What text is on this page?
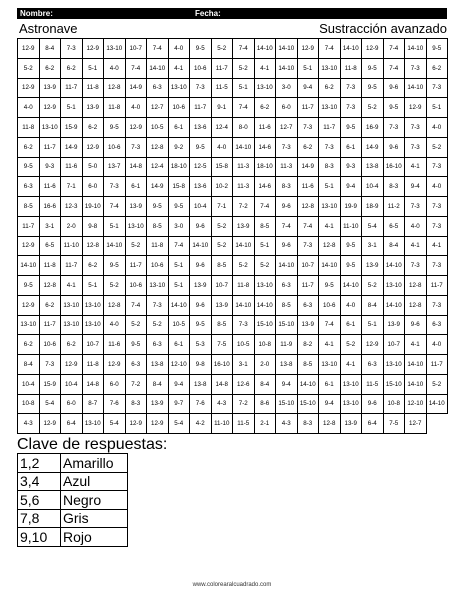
Nombre:	Fecha:
Astronave	Sustracción avanzado
12-9	8-4	7-3	12-9	13-10	10-7	7-4	4-0	9-5	5-2	7-4	14-10	14-10	12-9	7-4	14-10	12-9	7-4	14-10	9-5
5-2	6-2	6-2	5-1	4-0	7-4	14-10	4-1	10-6	11-7	5-2	4-1	14-10	5-1	13-10	11-8	9-5	7-4	7-3	6-2
12-9	13-9	11-7	11-8	12-8	14-9	6-3	13-10	7-3	11-5	5-1	13-10	3-0	9-4	6-2	7-3	9-5	9-6	14-10	7-3
4-0	12-9	5-1	13-9	11-8	4-0	12-7	10-6	11-7	9-1	7-4	6-2	6-0	11-7	13-10	7-3	5-2	9-5	12-9	5-1
11-8	13-10	15-9	6-2	9-5	12-9	10-5	6-1	13-6	12-4	8-0	11-6	12-7	7-3	11-7	9-5	16-9	7-3	7-3	4-0
6-2	11-7	14-9	12-9	10-6	7-3	12-8	9-2	9-5	4-0	14-10	14-6	7-3	6-2	7-3	6-1	14-9	9-6	7-3	5-2
9-5	9-3	11-6	5-0	13-7	14-8	12-4	18-10	12-5	15-8	11-3	18-10	11-3	14-9	8-3	9-3	13-8	16-10	4-1	7-3
6-3	11-6	7-1	6-0	7-3	6-1	14-9	15-8	13-6	10-2	11-3	14-6	8-3	11-6	5-1	9-4	10-4	8-3	9-4	4-0
8-5	16-6	12-3	19-10	7-4	13-9	9-5	9-5	10-4	7-1	7-2	7-4	9-6	12-8	13-10	19-9	18-9	11-2	7-3	7-3
11-7	3-1	2-0	9-8	5-1	13-10	8-5	3-0	9-6	5-2	13-9	8-5	7-4	7-4	4-1	11-10	5-4	6-5	4-0	7-3
12-9	6-5	11-10	12-8	14-10	5-2	11-8	7-4	14-10	5-2	14-10	5-1	9-6	7-3	12-8	9-5	3-1	8-4	4-1	4-1
14-10	11-8	11-7	6-2	9-5	11-7	10-6	5-1	9-6	8-5	5-2	5-2	14-10	10-7	14-10	9-5	13-9	14-10	7-3	7-3
9-5	12-8	4-1	5-1	5-2	10-6	13-10	5-1	13-9	10-7	11-8	13-10	6-3	11-7	9-5	14-10	5-2	13-10	12-8	11-7
12-9	6-2	13-10	13-10	12-8	7-4	7-3	14-10	9-6	13-9	14-10	14-10	8-5	6-3	10-6	4-0	8-4	14-10	12-8	7-3
13-10	11-7	13-10	13-10	4-0	5-2	5-2	10-5	9-5	8-5	7-3	15-10	15-10	13-9	7-4	6-1	5-1	13-9	9-6	6-3
6-2	10-6	6-2	10-7	11-6	9-5	6-3	6-1	5-3	7-5	10-5	10-8	11-9	8-2	4-1	5-2	12-9	10-7	4-1	4-0
8-4	7-3	12-9	11-8	12-9	6-3	13-8	12-10	9-8	16-10	3-1	2-0	13-8	8-5	13-10	4-1	6-3	13-10	14-10	11-7
10-4	15-9	10-4	14-8	6-0	7-2	8-4	9-4	13-8	14-8	12-6	8-4	9-4	14-10	6-1	13-10	11-5	15-10	14-10	5-2
10-8	5-4	6-0	8-7	7-6	8-3	13-9	9-7	7-6	4-3	7-2	8-6	15-10	15-10	9-4	13-10	9-6	10-8	12-10	14-10
4-3	12-9	6-4	13-10	5-4	12-9	12-9	5-4	4-2	11-10	11-5	2-1	4-3	8-3	12-8	13-9	6-4	7-5	12-7	
Clave de respuestas:
1,2	Amarillo
3,4	Azul
5,6	Negro
7,8	Gris
9,10	Rojo
www.colorearalcuadrado.com
